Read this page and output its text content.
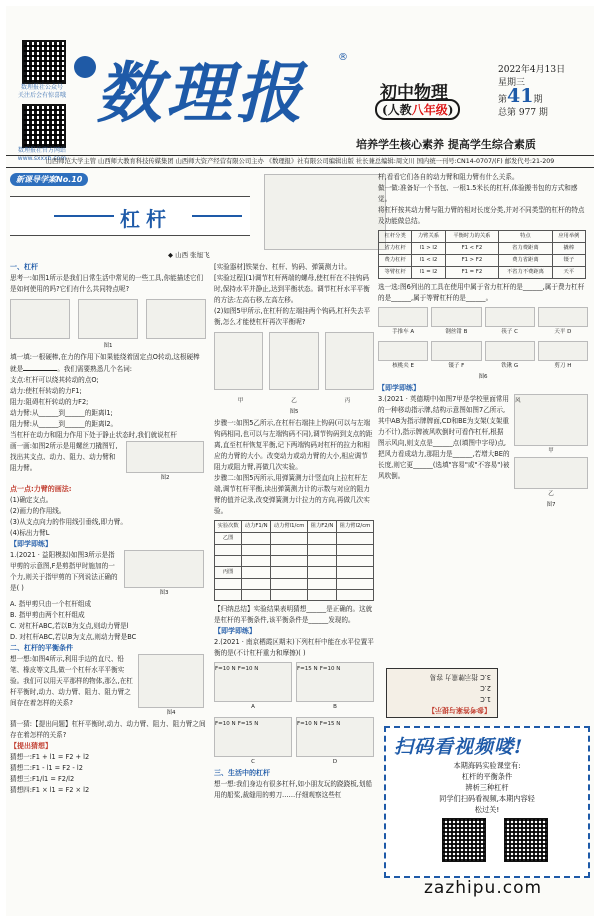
数理报社公众号
关注后会有惊喜哦
数理报社官方网站
www.sxxxb.com
数理报	®
初中物理
(人教八年级)
2022年4月13日
星期三
第41期
总第 977 期
培养学生核心素养 提高学生综合素质
山西师范大学主管 山西师大教育科技传媒集团 山西师大资产经营有限公司主办 《数理报》社有限公司编辑出版 社长兼总编辑:周文川 国内统一刊号:CN14-0707/(F) 邮发代号:21-209
新课导学案No.10
杠杆
◆ 山西 张旭飞

一、杠杆

思考一:如图1所示是我们日常生活中常见的一些工具,你能描述它们是如何使用的吗?它们有什么共同特点呢?

图1

填一填:一根硬棒,在力的作用下如果能绕着固定点O转动,这根硬棒就是	。我们需要熟悉几个名词:

支点:杠杆可以绕其转动的点O;

动力:使杠杆转动的力F1;

阻力:阻碍杠杆转动的力F2;

动力臂:从______到______的距离l1;

阻力臂:从______到______的距离l2。

当杠杆在动力和阻力作用下处于静止状态时,我们就说杠杆

画一画:如图2所示是用螺丝刀撬图钉,找出其支点、动力、阻力、动力臂和阻力臂。

图2

点一点:力臂的画法:

(1)确定支点。

(2)画力的作用线。

(3)从支点向力的作用线引垂线,即力臂。

(4)标出力臂L

【即学即练】

1.(2021 · 益阳模拟)如图3所示是指甲剪的示意图,F是剪指甲时施加的一个力,则关于指甲剪的下列说法正确的是( )

图3

A. 指甲剪只由一个杠杆组成

B. 指甲剪由两个杠杆组成

C. 对杠杆ABC,若以B为支点,则动力臂是l

D. 对杠杆ABC,若以B为支点,则动力臂是BC

二、杠杆的平衡条件

想一想:如图4所示,利用手边的直尺、铅笔、橡皮等文具,做一个杠杆水平平衡实验。我们可以用天平那样的物体,那么,在杠杆平衡时,动力、动力臂、阻力、阻力臂之间存在着怎样的关系?

图4

猜一猜:【提出问题】杠杆平衡时,动力、动力臂、阻力、阻力臂之间存在着怎样的关系?

【提出猜想】

猜想一:F1 + l1 = F2 + l2

猜想二:F1 - l1 = F2 - l2

猜想三:F1/l1 = F2/l2

猜想四:F1 × l1 = F2 × l2

[实验器材]铁架台、杠杆、钩码、弹簧测力计。

[实验过程](1)调节杠杆两端的螺母,使杠杆在不挂钩码时,保持水平并静止,达到平衡状态。调节杠杆水平平衡的方法:左高右移,左高左移。

(2)如图5甲所示,在杠杆的左端挂两个钩码,杠杆失去平衡,怎么才能使杠杆再次平衡呢?

甲	乙	丙

图5

步骤一:如图5乙所示,在杠杆右端挂上钩码(可以与左端钩码相同,也可以与左端钩码不同),调节钩码到支点的距离,直至杠杆恢复平衡,记下两端钩码对杠杆的拉力和相应的力臂的大小。改变动力或动力臂的大小,相应调节阻力或阻力臂,再做几次实验。

步骤二:如图5丙所示,用弹簧测力计竖直向上拉杠杆左端,调节杠杆平衡,读出弹簧测力计的示数与对应的阻力臂的值并记录,改变弹簧测力计拉力的方向,再做几次实验。

实验次数	动力F1/N	动力臂l1/cm	阻力F2/N	阻力臂l2/cm
乙图				

丙图				

【归纳总结】实验结果表明猜想______是正确的。这就是杠杆的平衡条件,该平衡条件是______发现的。

【即学即练】

2.(2021 · 南京栖霞区期末)下列杠杆中能在水平位置平衡的是(不计杠杆重力和摩擦)( )

F=10 N F=10 N

A

F=15 N F=10 N

B

F=10 N F=15 N

C

F=10 N F=15 N

D

三、生活中的杠杆

想一想:我们身边有很多杠杆,如小朋友玩的跷跷板,划船用的船桨,裁缝用的剪刀……仔细观察这些杠

杆,看看它们各自的动力臂和阻力臂有什么关系。

做一做:准备好一个书包、一根1.5米长的杠杆,体验搬书包的方式和感觉。

将杠杆按其动力臂与阻力臂的相对长度分类,并对不同类型的杠杆的特点及功能做总结。

杠杆分类	力臂关系	平衡时力的关系	特点	应用举例
省力杠杆	l1 > l2	F1 < F2	省力费距离	撬棒
费力杠杆	l1 < l2	F1 > F2	费力省距离	镊子
等臂杠杆	l1 = l2	F1 = F2	不省力不费距离	天平

选一选:图6列出的工具在使用中属于省力杠杆的是______,属于费力杠杆的是______,属于等臂杠杆的是______。

手推车 A	钢丝钳 B	筷子 C	天平 D

核桃夹 E	镊子 F	铁锹 G	剪刀 H

图6

【即学即练】

3.(2021 · 英德期中)如图7甲是学校里面常用的一种移动指示牌,结构示意图如图7乙所示,其中AB为指示牌牌面,CD和BE为支架(支架重力不计),指示牌被风吹倒时可看作杠杆,根据图示风向,则支点是______点(填图中字母)点,把风力看成动力,那阻力是______,若增大BE的长度,则它更______(选填"容易"或"不容易")被风吹倒。

风

甲

乙

图7

【参考答案与提示】

1.C

2.C

3.C 指示牌重力 容易

扫码看视频喽!
本期海码实验课堂有:
杠杆的平衡条件
辨析三种杠杆
同学们扫码看视频,本期内容轻
松过关!
zazhipu.com
